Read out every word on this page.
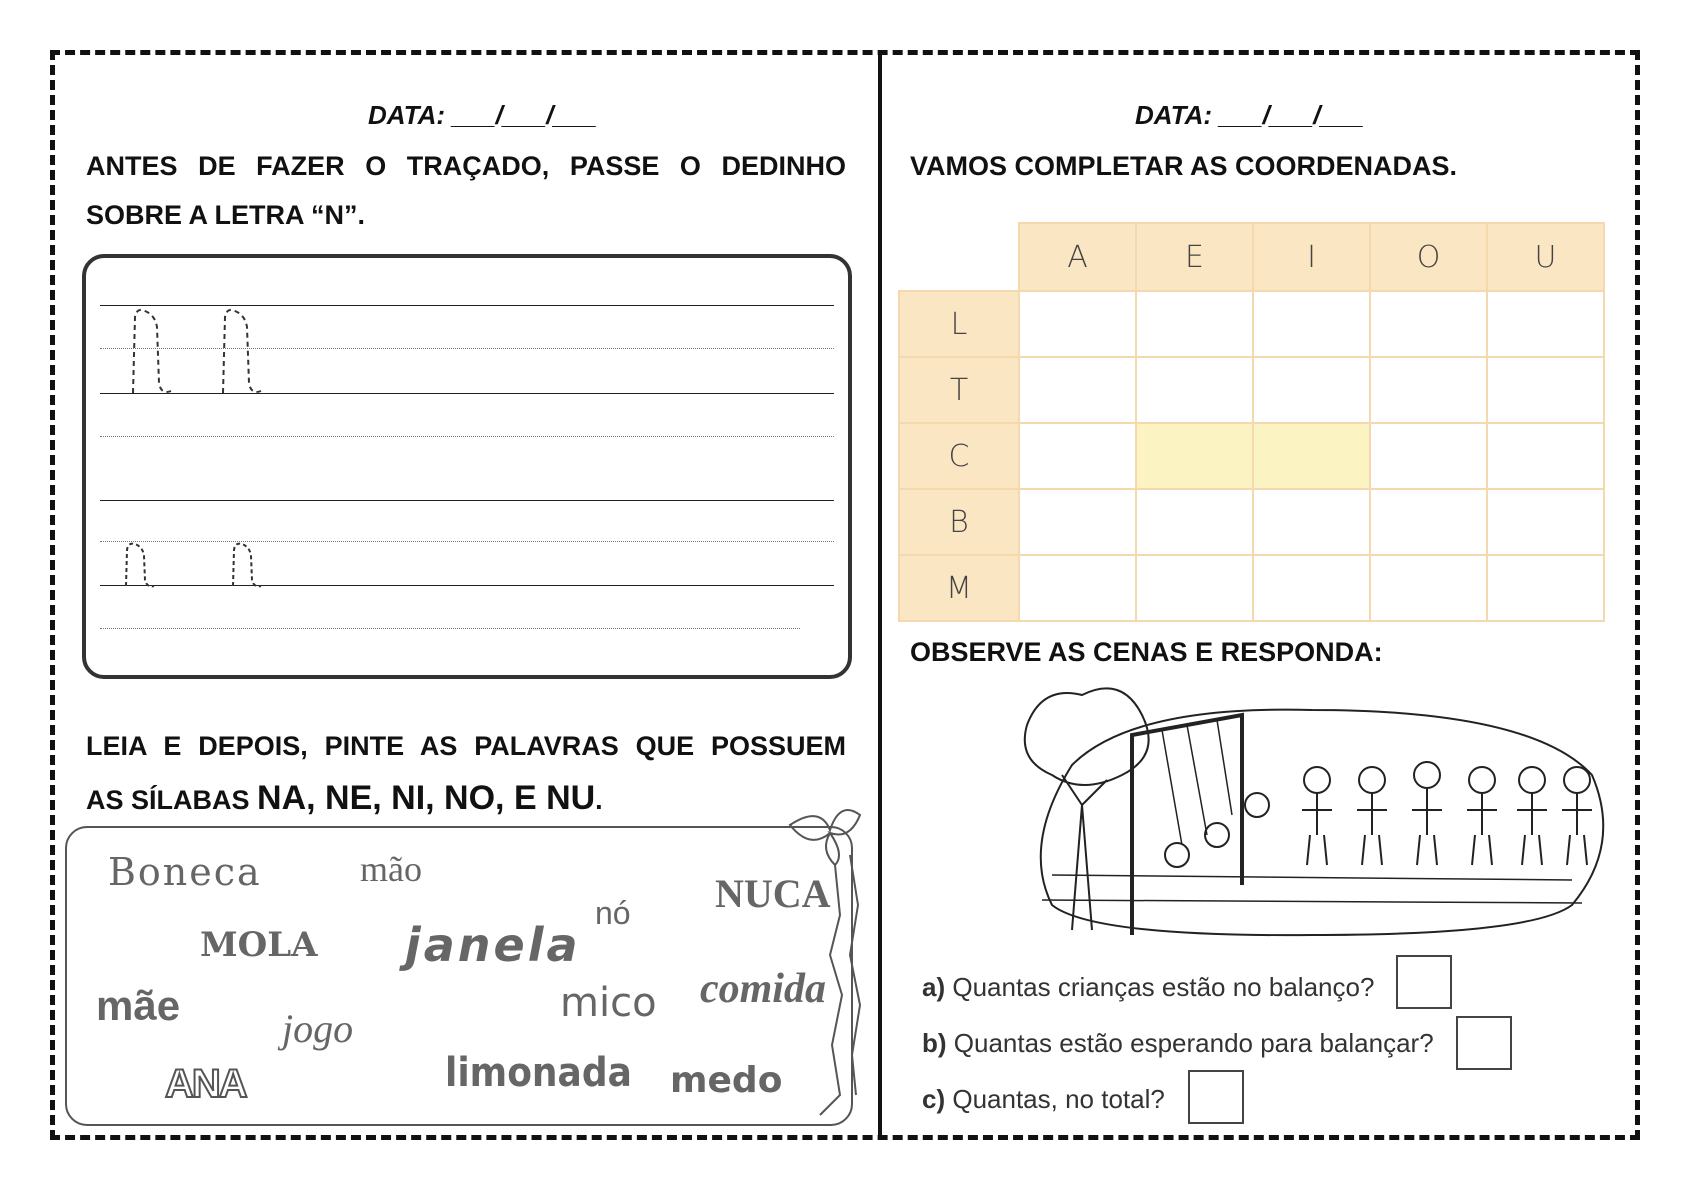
DATA: ___/___/___
ANTES DE FAZER O TRAÇADO, PASSE O DEDINHO
SOBRE A LETRA “N”.
LEIA E DEPOIS, PINTE AS PALAVRAS QUE POSSUEM
AS SÍLABAS NA, NE, NI, NO, E NU.
Boneca	mão
NUCA
nó
MOLA janela
mãe	comida
mico
jogo
ANA	limonada medo
DATA: ___/___/___
VAMOS COMPLETAR AS COORDENADAS.
	A	E	I	O	U
L					
T					
C					
B					
M					
OBSERVE AS CENAS E RESPONDA:
a) Quantas crianças estão no balanço?
b) Quantas estão esperando para balançar?
c) Quantas, no total?
